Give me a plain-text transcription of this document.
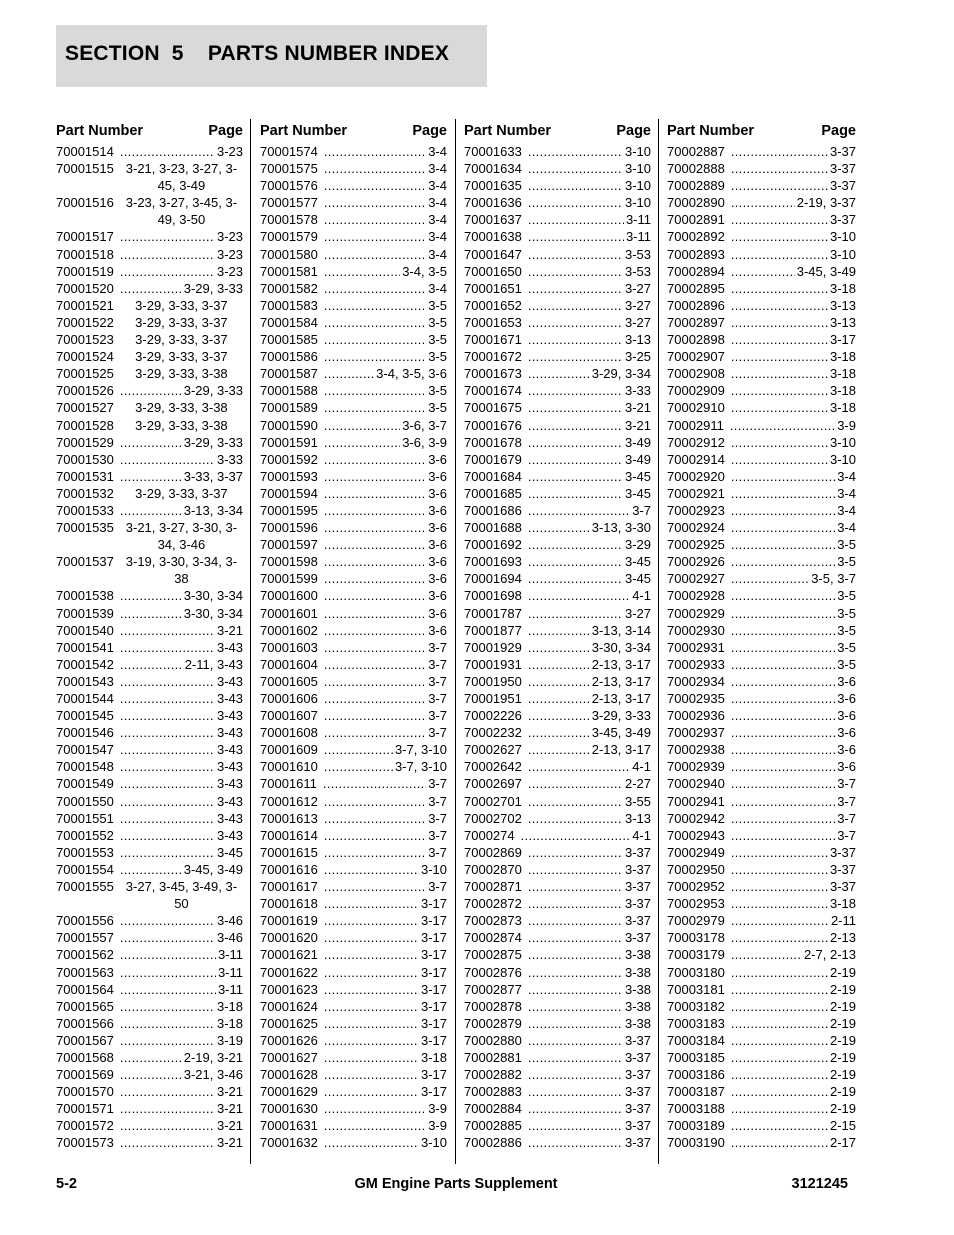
SECTION  5    PARTS NUMBER INDEX
Part Number	Page
70001514 .....	3-23
70001515 3-21, 3-23, 3-27, 3-45, 3-49
70001516 3-23, 3-27, 3-45, 3-49, 3-50
70001517 .....	3-23
70001518 .....	3-23
70001519 .....	3-23
70001520 .....	3-29, 3-33
70001521	3-29, 3-33, 3-37
70001522	3-29, 3-33, 3-37
70001523	3-29, 3-33, 3-37
70001524	3-29, 3-33, 3-37
70001525	3-29, 3-33, 3-38
70001526 .....	3-29, 3-33
70001527	3-29, 3-33, 3-38
70001528	3-29, 3-33, 3-38
70001529 .....	3-29, 3-33
70001530 .....	3-33
70001531 .....	3-33, 3-37
70001532	3-29, 3-33, 3-37
70001533 .....	3-13, 3-34
70001535 3-21, 3-27, 3-30, 3-34, 3-46
70001537 3-19, 3-30, 3-34, 3-38
70001538 .....	3-30, 3-34
70001539 .....	3-30, 3-34
70001540 .....	3-21
70001541 .....	3-43
70001542 .....	2-11, 3-43
70001543 .....	3-43
70001544 .....	3-43
70001545 .....	3-43
70001546 .....	3-43
70001547 .....	3-43
70001548 .....	3-43
70001549 .....	3-43
70001550 .....	3-43
70001551 .....	3-43
70001552 .....	3-43
70001553 .....	3-45
70001554 .....	3-45, 3-49
70001555 3-27, 3-45, 3-49, 3-50
70001556 .....	3-46
70001557 .....	3-46
70001562 .....	3-11
70001563 .....	3-11
70001564 .....	3-11
70001565 .....	3-18
70001566 .....	3-18
70001567 .....	3-19
70001568 .....	2-19, 3-21
70001569 .....	3-21, 3-46
70001570 .....	3-21
70001571 .....	3-21
70001572 .....	3-21
70001573 .....	3-21
Part Number	Page
70001574 .....	3-4
70001575 .....	3-4
70001576 .....	3-4
70001577 .....	3-4
70001578 .....	3-4
70001579 .....	3-4
70001580 .....	3-4
70001581 .....	3-4, 3-5
70001582 .....	3-4
70001583 .....	3-5
70001584 .....	3-5
70001585 .....	3-5
70001586 .....	3-5
70001587 .....	3-4, 3-5, 3-6
70001588 .....	3-5
70001589 .....	3-5
70001590 .....	3-6, 3-7
70001591 .....	3-6, 3-9
70001592 .....	3-6
70001593 .....	3-6
70001594 .....	3-6
70001595 .....	3-6
70001596 .....	3-6
70001597 .....	3-6
70001598 .....	3-6
70001599 .....	3-6
70001600 .....	3-6
70001601 .....	3-6
70001602 .....	3-6
70001603 .....	3-7
70001604 .....	3-7
70001605 .....	3-7
70001606 .....	3-7
70001607 .....	3-7
70001608 .....	3-7
70001609 .....	3-7, 3-10
70001610 .....	3-7, 3-10
70001611 .....	3-7
70001612 .....	3-7
70001613 .....	3-7
70001614 .....	3-7
70001615 .....	3-7
70001616 .....	3-10
70001617 .....	3-7
70001618 .....	3-17
70001619 .....	3-17
70001620 .....	3-17
70001621 .....	3-17
70001622 .....	3-17
70001623 .....	3-17
70001624 .....	3-17
70001625 .....	3-17
70001626 .....	3-17
70001627 .....	3-18
70001628 .....	3-17
70001629 .....	3-17
70001630 .....	3-9
70001631 .....	3-9
70001632 .....	3-10
Part Number	Page
70001633 .....	3-10
70001634 .....	3-10
70001635 .....	3-10
70001636 .....	3-10
70001637 .....	3-11
70001638 .....	3-11
70001647 .....	3-53
70001650 .....	3-53
70001651 .....	3-27
70001652 .....	3-27
70001653 .....	3-27
70001671 .....	3-13
70001672 .....	3-25
70001673 .....	3-29, 3-34
70001674 .....	3-33
70001675 .....	3-21
70001676 .....	3-21
70001678 .....	3-49
70001679 .....	3-49
70001684 .....	3-45
70001685 .....	3-45
70001686 .....	3-7
70001688 .....	3-13, 3-30
70001692 .....	3-29
70001693 .....	3-45
70001694 .....	3-45
70001698 .....	4-1
70001787 .....	3-27
70001877 .....	3-13, 3-14
70001929 .....	3-30, 3-34
70001931 .....	2-13, 3-17
70001950 .....	2-13, 3-17
70001951 .....	2-13, 3-17
70002226 .....	3-29, 3-33
70002232 .....	3-45, 3-49
70002627 .....	2-13, 3-17
70002642 .....	4-1
70002697 .....	2-27
70002701 .....	3-55
70002702 .....	3-13
7000274 .....	4-1
70002869 .....	3-37
70002870 .....	3-37
70002871 .....	3-37
70002872 .....	3-37
70002873 .....	3-37
70002874 .....	3-37
70002875 .....	3-38
70002876 .....	3-38
70002877 .....	3-38
70002878 .....	3-38
70002879 .....	3-38
70002880 .....	3-37
70002881 .....	3-37
70002882 .....	3-37
70002883 .....	3-37
70002884 .....	3-37
70002885 .....	3-37
70002886 .....	3-37
Part Number	Page
70002887 .....	3-37
70002888 .....	3-37
70002889 .....	3-37
70002890 .....	2-19, 3-37
70002891 .....	3-37
70002892 .....	3-10
70002893 .....	3-10
70002894 .....	3-45, 3-49
70002895 .....	3-18
70002896 .....	3-13
70002897 .....	3-13
70002898 .....	3-17
70002907 .....	3-18
70002908 .....	3-18
70002909 .....	3-18
70002910 .....	3-18
70002911 .....	3-9
70002912 .....	3-10
70002914 .....	3-10
70002920 .....	3-4
70002921 .....	3-4
70002923 .....	3-4
70002924 .....	3-4
70002925 .....	3-5
70002926 .....	3-5
70002927 .....	3-5, 3-7
70002928 .....	3-5
70002929 .....	3-5
70002930 .....	3-5
70002931 .....	3-5
70002933 .....	3-5
70002934 .....	3-6
70002935 .....	3-6
70002936 .....	3-6
70002937 .....	3-6
70002938 .....	3-6
70002939 .....	3-6
70002940 .....	3-7
70002941 .....	3-7
70002942 .....	3-7
70002943 .....	3-7
70002949 .....	3-37
70002950 .....	3-37
70002952 .....	3-37
70002953 .....	3-18
70002979 .....	2-11
70003178 .....	2-13
70003179 .....	2-7, 2-13
70003180 .....	2-19
70003181 .....	2-19
70003182 .....	2-19
70003183 .....	2-19
70003184 .....	2-19
70003185 .....	2-19
70003186 .....	2-19
70003187 .....	2-19
70003188 .....	2-19
70003189 .....	2-15
70003190 .....	2-17
5-2	GM Engine Parts Supplement	3121245
